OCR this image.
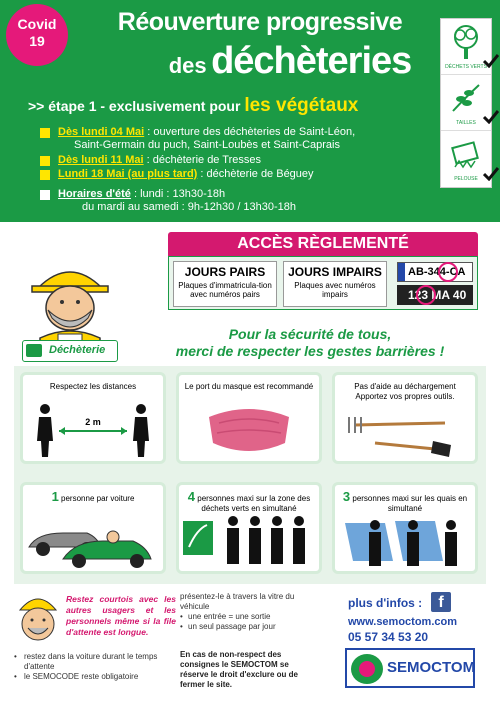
Covid
19
Réouverture progressive
des déchèteries
>> étape 1 - exclusivement pour les végétaux
Dès lundi 04 Mai : ouverture des déchèteries de Saint-Léon,
Saint-Germain du puch, Saint-Loubès et Saint-Caprais
Dès lundi 11 Mai : déchèterie de Tresses
Lundi 18 Mai (au plus tard) : déchèterie de Béguey
Horaires d'été : lundi : 13h30-18h
du mardi au samedi : 9h-12h30 / 13h30-18h
DÉCHETS VERTS
TAILLES
PELOUSE
ACCÈS RÈGLEMENTÉ
JOURS PAIRS
Plaques d'immatricula-tion avec numéros pairs
JOURS IMPAIRS
Plaques avec numéros impairs
AB-344-CA
123 MA 40
Déchèterie
Pour la sécurité de tous,
merci de respecter les gestes barrières !
Respectez les distances
2 m
Le port du masque est recommandé	Pas d'aide au déchargement Apportez vos propres outils.
1 personne par voiture	4 personnes maxi sur la zone des déchets verts en simultané
3 personnes maxi sur les quais en simultané
Restez courtois avec les autres usagers et les personnels même si la file d'attente est longue.
• restez dans la voiture durant le temps d'attente
• le SEMOCODE reste obligatoire
présentez-le à travers la vitre du véhicule
• une entrée = une sortie
• un seul passage par jour
En cas de non-respect des consignes le SEMOCTOM se réserve le droit d'exclure ou de fermer le site.
plus d'infos :	f
www.semoctom.com
05 57 34 53 20
SEMOCTOM
